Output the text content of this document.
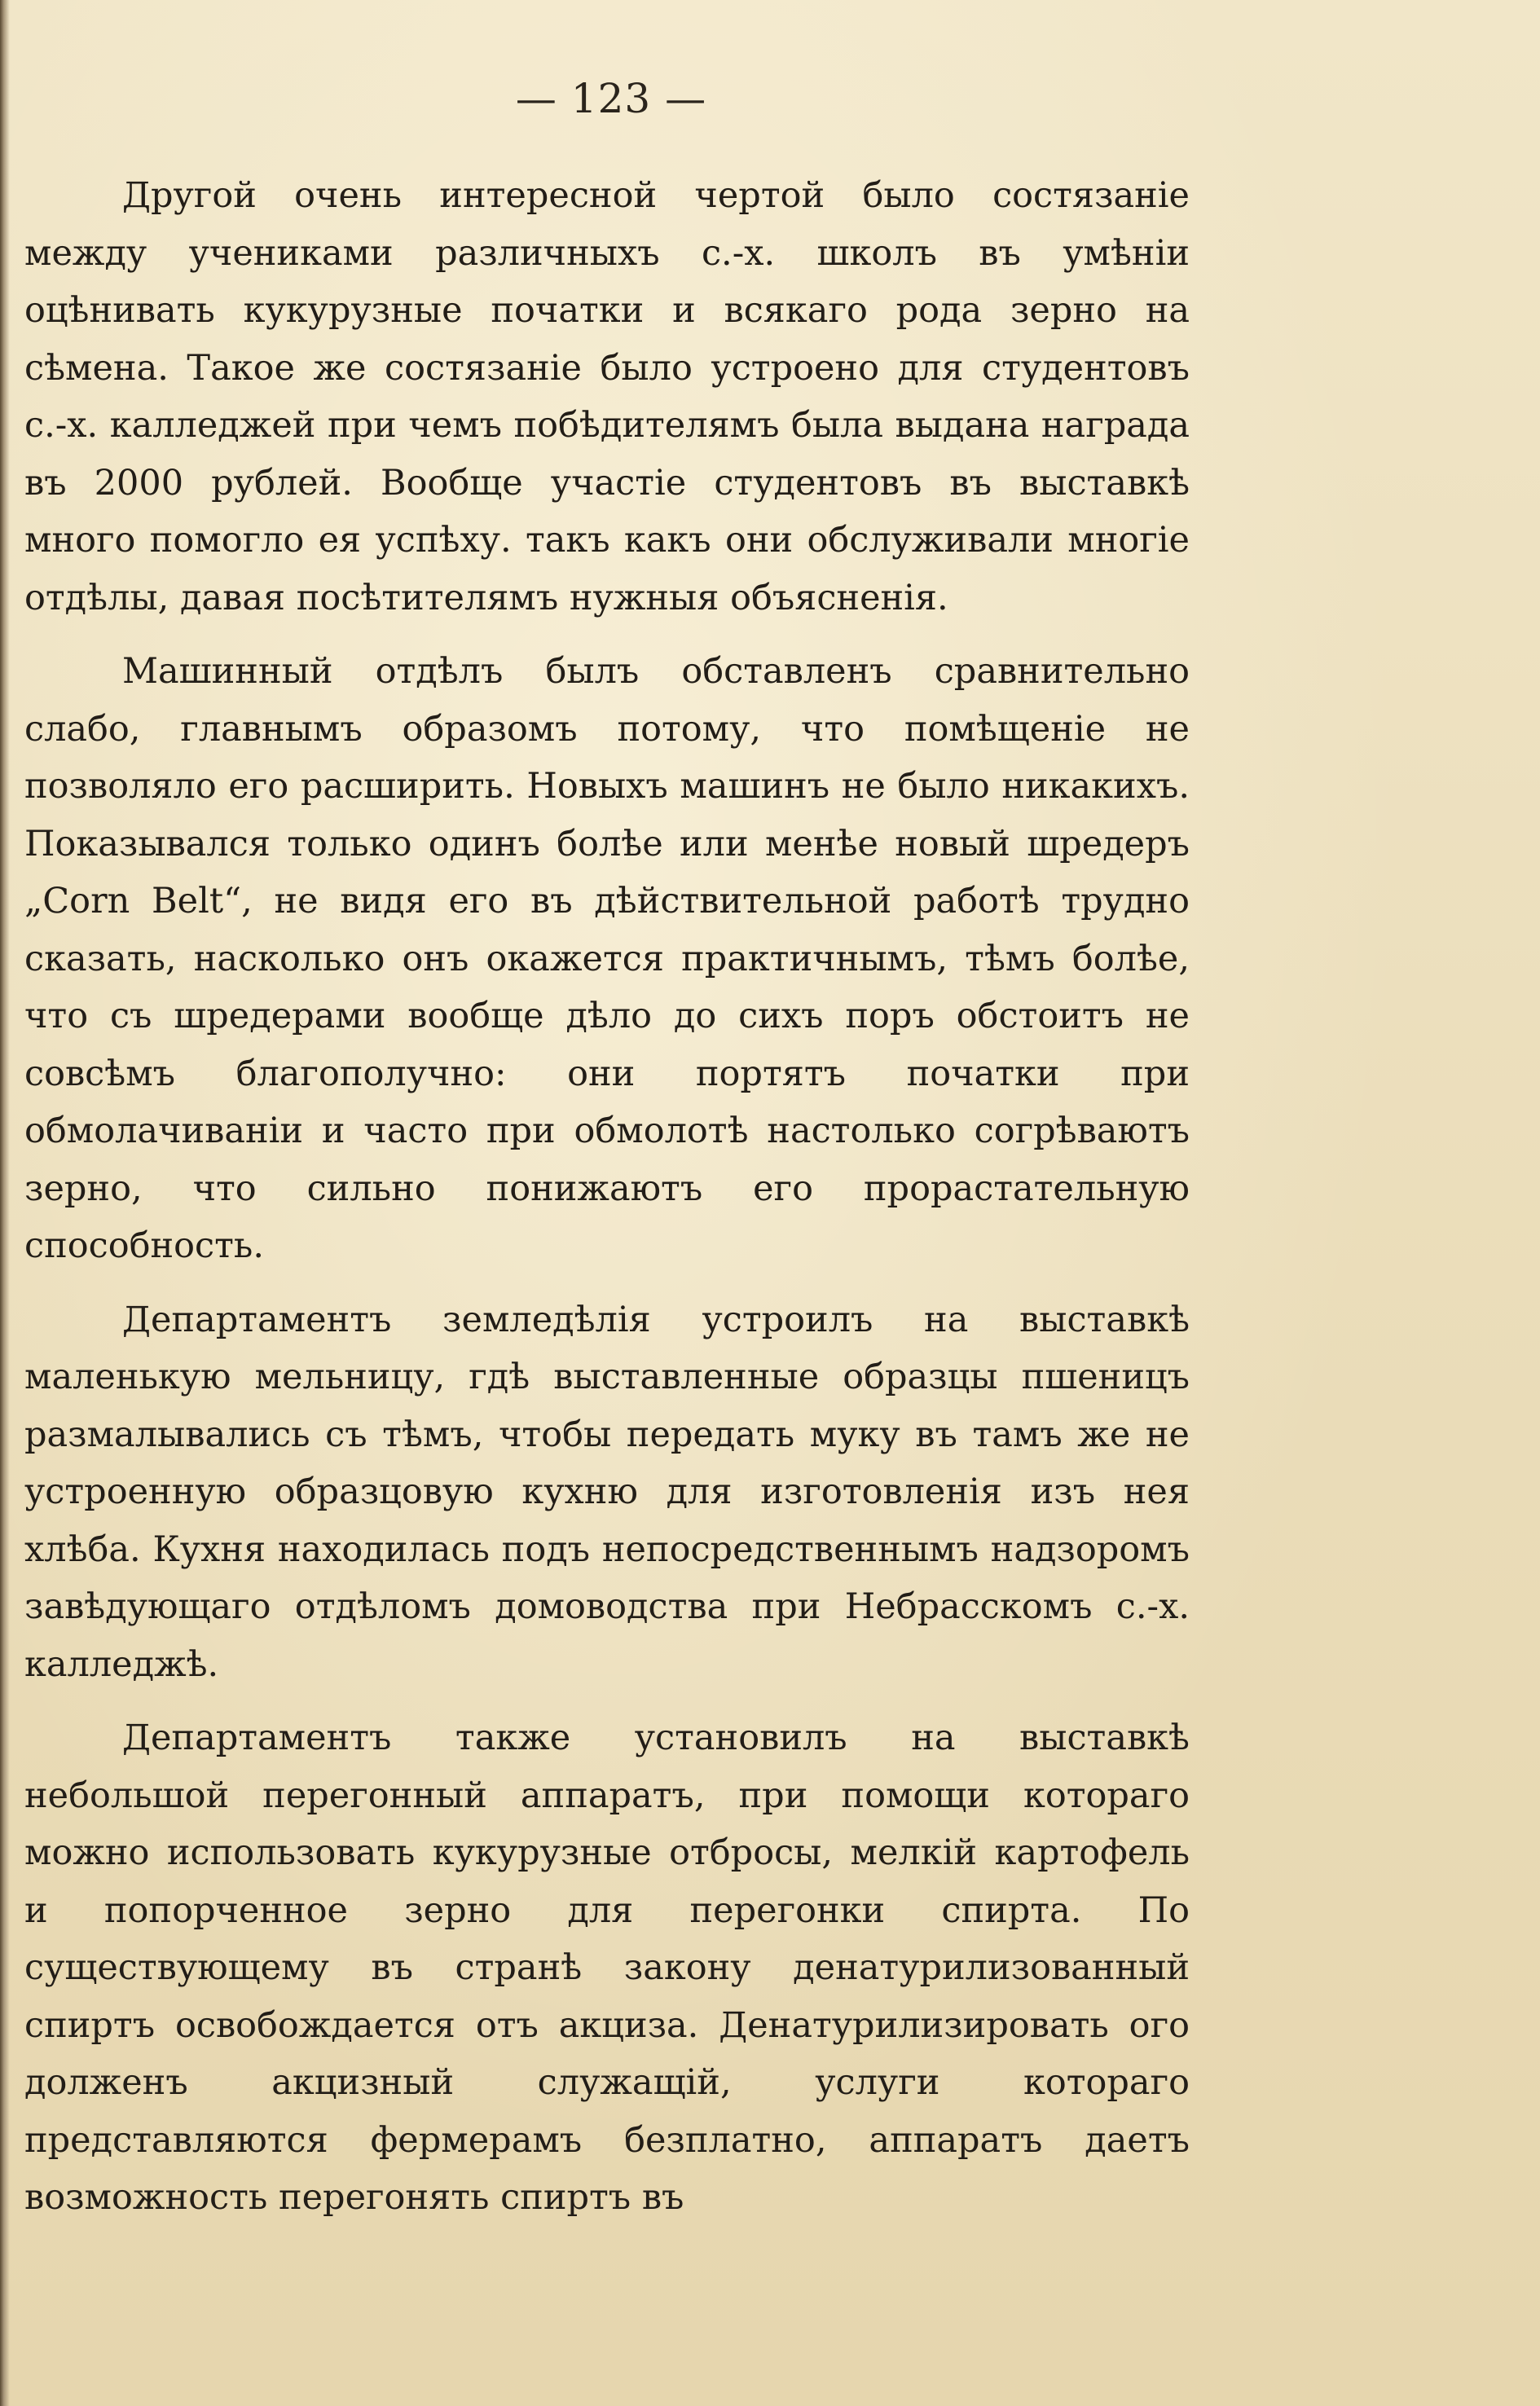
— 123 —

Другой очень интересной чертой было состязаніе между учениками различныхъ с.-х. школъ въ умѣніи оцѣнивать кукурузные початки и всякаго рода зерно на сѣмена. Такое же состязаніе было устроено для студентовъ с.-х. калледжей при чемъ побѣдителямъ была выдана награда въ 2000 рублей. Вообще участіе студентовъ въ выставкѣ много помогло ея успѣху. такъ какъ они обслуживали многіе отдѣлы, давая посѣтителямъ нужныя объясненія.

Машинный отдѣлъ былъ обставленъ сравнительно слабо, главнымъ образомъ потому, что помѣщеніе не позволяло его расширить. Новыхъ машинъ не было никакихъ. Показывался только одинъ болѣе или менѣе новый шредеръ „Corn Belt“, не видя его въ дѣйствительной работѣ трудно сказать, насколько онъ окажется практичнымъ, тѣмъ болѣе, что съ шредерами вообще дѣло до сихъ поръ обстоитъ не совсѣмъ благополучно: они портятъ початки при обмолачиваніи и часто при обмолотѣ настолько согрѣваютъ зерно, что сильно понижаютъ его прорастательную способность.

Департаментъ земледѣлія устроилъ на выставкѣ маленькую мельницу, гдѣ выставленные образцы пшеницъ размалывались съ тѣмъ, чтобы передать муку въ тамъ же не устроенную образцовую кухню для изготовленія изъ нея хлѣба. Кухня находилась подъ непосредственнымъ надзоромъ завѣдующаго отдѣломъ домоводства при Небрасскомъ с.-х. калледжѣ.

Департаментъ также установилъ на выставкѣ небольшой перегонный аппаратъ, при помощи котораго можно использовать кукурузные отбросы, мелкій картофель и попорченное зерно для перегонки спирта. По существующему въ странѣ закону денатурилизованный спиртъ освобождается отъ акциза. Денатурилизировать ого долженъ акцизный служащій, услуги котораго представляются фермерамъ безплатно, аппаратъ даетъ возможность перегонять спиртъ въ
